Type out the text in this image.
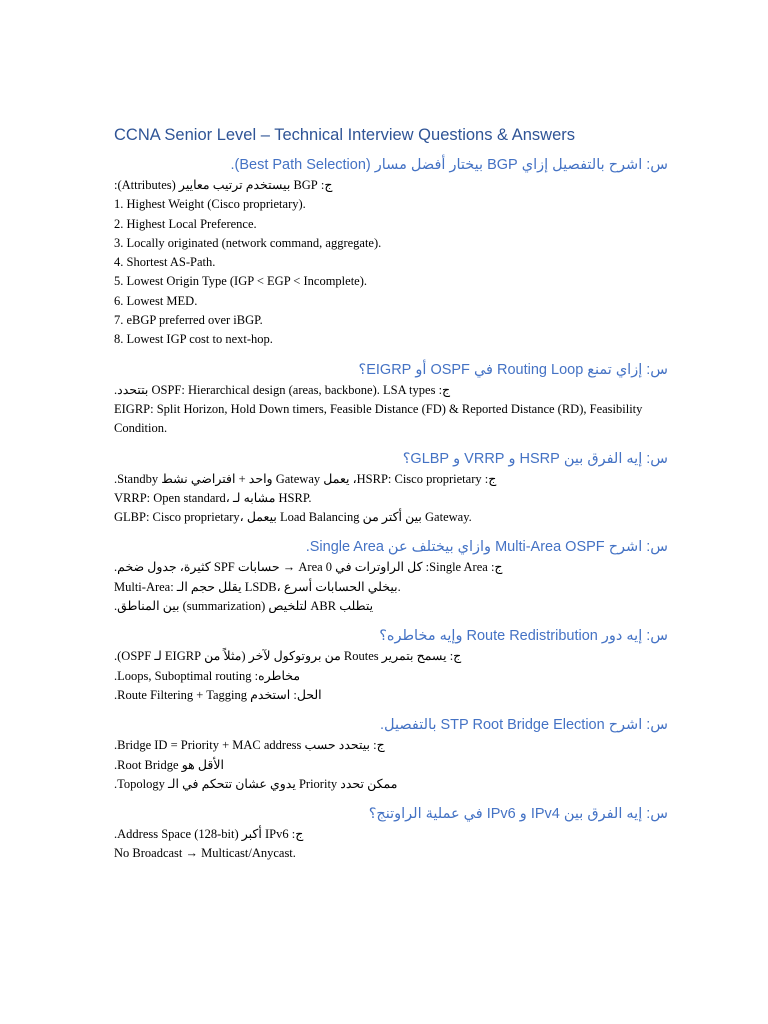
CCNA Senior Level – Technical Interview Questions & Answers
س: اشرح بالتفصيل إزاي BGP بيختار أفضل مسار (Best Path Selection).

ج: BGP بيستخدم ترتيب معايير (Attributes):

1. Highest Weight (Cisco proprietary).

2. Highest Local Preference.

3. Locally originated (network command, aggregate).

4. Shortest AS-Path.

5. Lowest Origin Type (IGP < EGP < Incomplete).

6. Lowest MED.

7. eBGP preferred over iBGP.

8. Lowest IGP cost to next-hop.

س: إزاي تمنع Routing Loop في OSPF أو EIGRP؟

ج: OSPF: Hierarchical design (areas, backbone). LSA types بتتحدد.

EIGRP: Split Horizon, Hold Down timers, Feasible Distance (FD) & Reported Distance (RD), Feasibility Condition.

س: إيه الفرق بين HSRP و VRRP و GLBP؟

ج: HSRP: Cisco proprietary، يعمل Gateway واحد + افتراضي نشط Standby.

VRRP: Open standard، مشابه لـ HSRP.

GLBP: Cisco proprietary، بيعمل Load Balancing بين أكتر من Gateway.

س: اشرح Multi-Area OSPF وازاي بيختلف عن Single Area.

ج: Single Area: كل الراوترات في Area 0 → حسابات SPF كثيرة، جدول ضخم.

Multi-Area: يقلل حجم الـ LSDB، بيخلي الحسابات أسرع.

يتطلب ABR لتلخيص (summarization) بين المناطق.

س: إيه دور Route Redistribution وإيه مخاطره؟

ج: يسمح بتمرير Routes من بروتوكول لآخر (مثلاً من EIGRP لـ OSPF).

مخاطره: Loops, Suboptimal routing.

الحل: استخدم Route Filtering + Tagging.

س: اشرح STP Root Bridge Election بالتفصيل.

ج: بيتحدد حسب Bridge ID = Priority + MAC address.

الأقل هو Root Bridge.

ممكن تحدد Priority يدوي عشان تتحكم في الـ Topology.

س: إيه الفرق بين IPv4 و IPv6 في عملية الراوتنج؟

ج: IPv6 أكبر Address Space (128-bit).

No Broadcast → Multicast/Anycast.
